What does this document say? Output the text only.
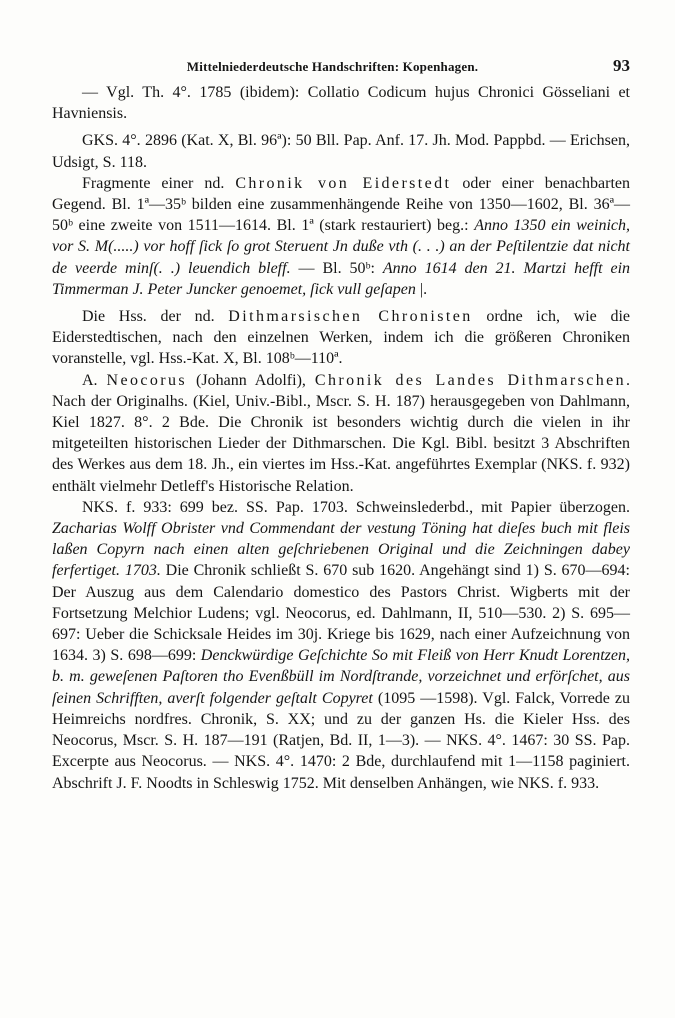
Mittelniederdeutsche Handschriften: Kopenhagen.	93

— Vgl. Th. 4°. 1785 (ibidem): Collatio Codicum hujus Chronici Gösseliani et Havniensis.

GKS. 4°. 2896 (Kat. X, Bl. 96ª): 50 Bll. Pap. Anf. 17. Jh. Mod. Pappbd. — Erichsen, Udsigt, S. 118.

Fragmente einer nd. Chronik von Eiderstedt oder einer benachbarten Gegend. Bl. 1ª—35ᵇ bilden eine zusammenhängende Reihe von 1350—1602, Bl. 36ª—50ᵇ eine zweite von 1511—1614. Bl. 1ª (stark restauriert) beg.: Anno 1350 ein weinich, vor S. M(.....) vor hoff ſick ſo grot Steruent Jn duße vth (. . .) an der Peſtilentzie dat nicht de veerde minſ(. .) leuendich bleff. — Bl. 50ᵇ: Anno 1614 den 21. Martzi hefft ein Timmerman J. Peter Juncker genoemet, ſick vull geſapen |.

Die Hss. der nd. Dithmarsischen Chronisten ordne ich, wie die Eiderstedtischen, nach den einzelnen Werken, indem ich die größeren Chroniken voranstelle, vgl. Hss.-Kat. X, Bl. 108ᵇ—110ª.

A. Neocorus (Johann Adolfi), Chronik des Landes Dithmarschen. Nach der Originalhs. (Kiel, Univ.-Bibl., Mscr. S. H. 187) herausgegeben von Dahlmann, Kiel 1827. 8°. 2 Bde. Die Chronik ist besonders wichtig durch die vielen in ihr mitgeteilten historischen Lieder der Dithmarschen. Die Kgl. Bibl. besitzt 3 Abschriften des Werkes aus dem 18. Jh., ein viertes im Hss.-Kat. angeführtes Exemplar (NKS. f. 932) enthält vielmehr Detleff's Historische Relation.

NKS. f. 933: 699 bez. SS. Pap. 1703. Schweinslederbd., mit Papier überzogen. Zacharias Wolff Obrister vnd Commendant der vestung Töning hat dieſes buch mit fleis laßen Copyrn nach einen alten geſchriebenen Original und die Zeichningen dabey ferfertiget. 1703. Die Chronik schließt S. 670 sub 1620. Angehängt sind 1) S. 670—694: Der Auszug aus dem Calendario domestico des Pastors Christ. Wigberts mit der Fortsetzung Melchior Ludens; vgl. Neocorus, ed. Dahlmann, II, 510—530. 2) S. 695—697: Ueber die Schicksale Heides im 30j. Kriege bis 1629, nach einer Aufzeichnung von 1634. 3) S. 698—699: Denckwürdige Geſchichte So mit Fleiß von Herr Knudt Lorentzen, b. m. geweſenen Paſtoren tho Evenßbüll im Nordſtrande, vorzeichnet und erförſchet, aus ſeinen Schrifften, averſt folgender geſtalt Copyret (1095 —1598). Vgl. Falck, Vorrede zu Heimreichs nordfres. Chronik, S. XX; und zu der ganzen Hs. die Kieler Hss. des Neocorus, Mscr. S. H. 187—191 (Ratjen, Bd. II, 1—3). — NKS. 4°. 1467: 30 SS. Pap. Excerpte aus Neocorus. — NKS. 4°. 1470: 2 Bde, durchlaufend mit 1—1158 paginiert. Abschrift J. F. Noodts in Schleswig 1752. Mit denselben Anhängen, wie NKS. f. 933.
